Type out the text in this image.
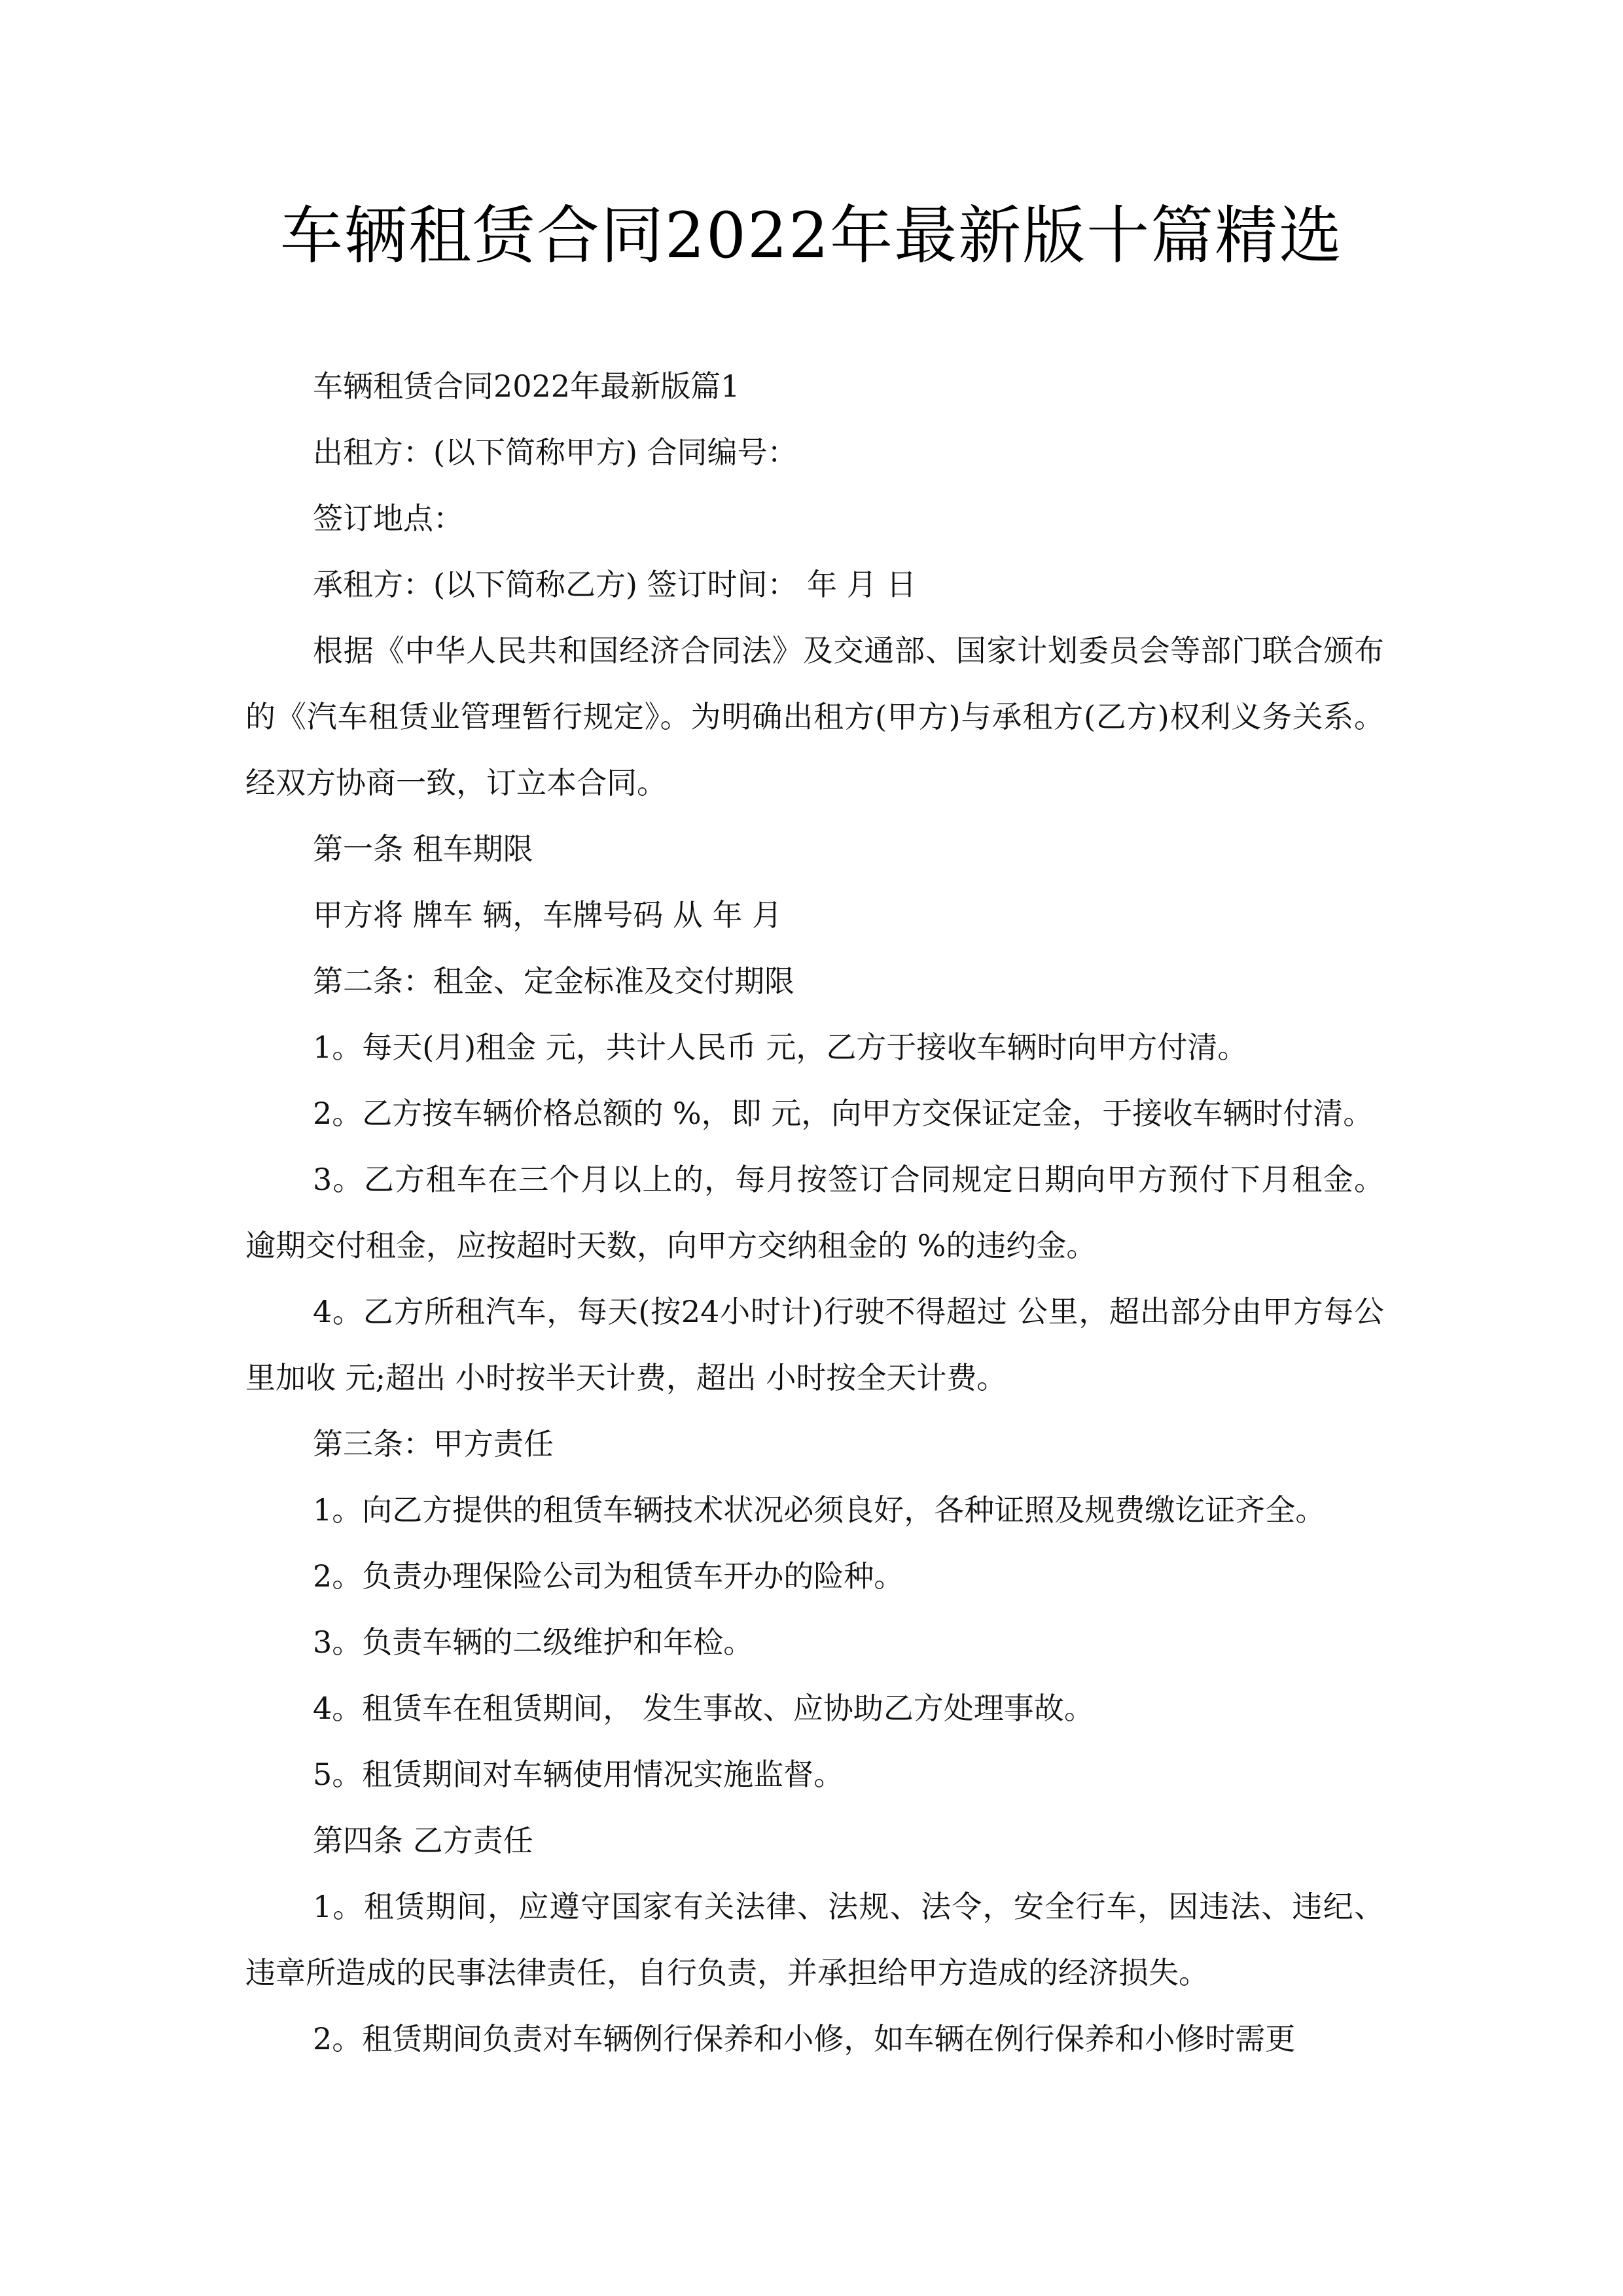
车辆租赁合同2022年最新版十篇精选

车辆租赁合同2022年最新版篇1

出租方：(以下简称甲方) 合同编号：

签订地点：

承租方：(以下简称乙方) 签订时间： 年 月 日

根据《中华人民共和国经济合同法》及交通部、国家计划委员会等部门联合颁布的《汽车租赁业管理暂行规定》。为明确出租方(甲方)与承租方(乙方)权利义务关系。经双方协商一致，订立本合同。

第一条 租车期限

甲方将 牌车 辆，车牌号码 从 年 月

第二条：租金、定金标准及交付期限

1。每天(月)租金 元，共计人民币 元，乙方于接收车辆时向甲方付清。

2。乙方按车辆价格总额的 %，即 元，向甲方交保证定金，于接收车辆时付清。

3。乙方租车在三个月以上的，每月按签订合同规定日期向甲方预付下月租金。逾期交付租金，应按超时天数，向甲方交纳租金的 %的违约金。

4。乙方所租汽车，每天(按24小时计)行驶不得超过 公里，超出部分由甲方每公里加收 元;超出 小时按半天计费，超出 小时按全天计费。

第三条：甲方责任

1。向乙方提供的租赁车辆技术状况必须良好，各种证照及规费缴讫证齐全。

2。负责办理保险公司为租赁车开办的险种。

3。负责车辆的二级维护和年检。

4。租赁车在租赁期间， 发生事故、应协助乙方处理事故。

5。租赁期间对车辆使用情况实施监督。

第四条 乙方责任

1。租赁期间，应遵守国家有关法律、法规、法令，安全行车，因违法、违纪、违章所造成的民事法律责任，自行负责，并承担给甲方造成的经济损失。

2。租赁期间负责对车辆例行保养和小修，如车辆在例行保养和小修时需更
